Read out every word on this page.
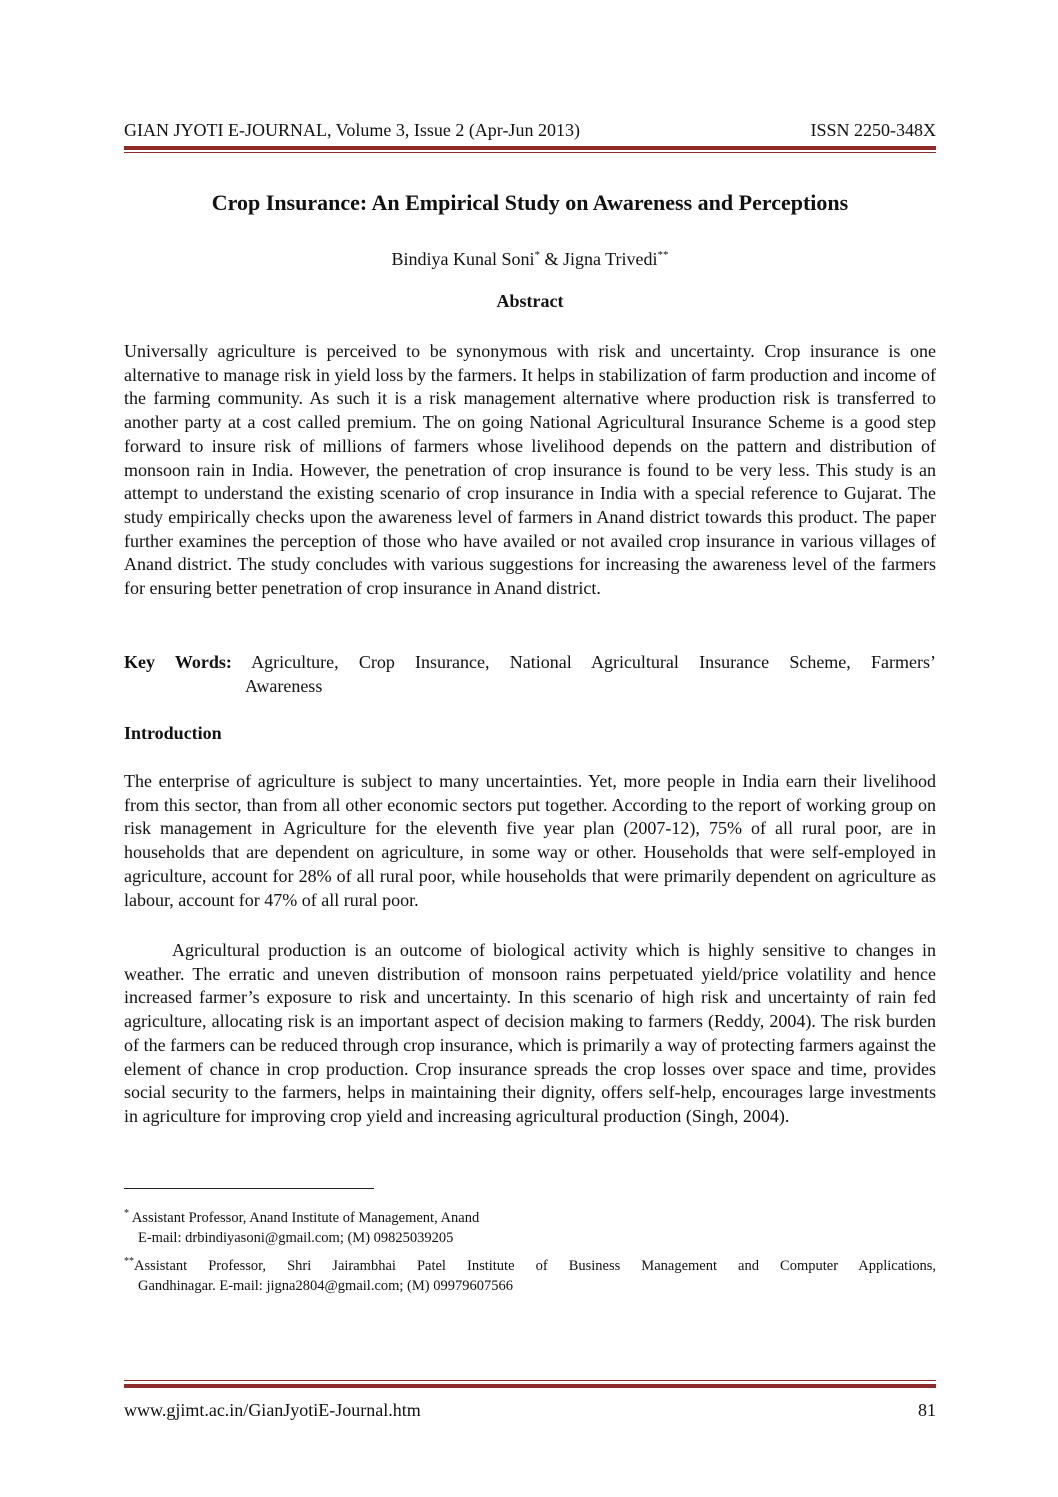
GIAN JYOTI E-JOURNAL, Volume 3, Issue 2 (Apr-Jun 2013)	ISSN 2250-348X
Crop Insurance: An Empirical Study on Awareness and Perceptions
Bindiya Kunal Soni* & Jigna Trivedi**
Abstract

Universally agriculture is perceived to be synonymous with risk and uncertainty. Crop insurance is one alternative to manage risk in yield loss by the farmers. It helps in stabilization of farm production and income of the farming community. As such it is a risk management alternative where production risk is transferred to another party at a cost called premium. The on going National Agricultural Insurance Scheme is a good step forward to insure risk of millions of farmers whose livelihood depends on the pattern and distribution of monsoon rain in India. However, the penetration of crop insurance is found to be very less. This study is an attempt to understand the existing scenario of crop insurance in India with a special reference to Gujarat. The study empirically checks upon the awareness level of farmers in Anand district towards this product. The paper further examines the perception of those who have availed or not availed crop insurance in various villages of Anand district. The study concludes with various suggestions for increasing the awareness level of the farmers for ensuring better penetration of crop insurance in Anand district.

Key Words: Agriculture, Crop Insurance, National Agricultural Insurance Scheme, Farmers’
Awareness
Introduction

The enterprise of agriculture is subject to many uncertainties. Yet, more people in India earn their livelihood from this sector, than from all other economic sectors put together. According to the report of working group on risk management in Agriculture for the eleventh five year plan (2007-12), 75% of all rural poor, are in households that are dependent on agriculture, in some way or other. Households that were self-employed in agriculture, account for 28% of all rural poor, while households that were primarily dependent on agriculture as labour, account for 47% of all rural poor.

Agricultural production is an outcome of biological activity which is highly sensitive to changes in weather. The erratic and uneven distribution of monsoon rains perpetuated yield/price volatility and hence increased farmer’s exposure to risk and uncertainty. In this scenario of high risk and uncertainty of rain fed agriculture, allocating risk is an important aspect of decision making to farmers (Reddy, 2004). The risk burden of the farmers can be reduced through crop insurance, which is primarily a way of protecting farmers against the element of chance in crop production. Crop insurance spreads the crop losses over space and time, provides social security to the farmers, helps in maintaining their dignity, offers self-help, encourages large investments in agriculture for improving crop yield and increasing agricultural production (Singh, 2004).

* Assistant Professor, Anand Institute of Management, Anand
E-mail: drbindiyasoni@gmail.com; (M) 09825039205
**Assistant Professor, Shri Jairambhai Patel Institute of Business Management and Computer Applications,
Gandhinagar. E-mail: jigna2804@gmail.com; (M) 09979607566
www.gjimt.ac.in/GianJyotiE-Journal.htm	81
